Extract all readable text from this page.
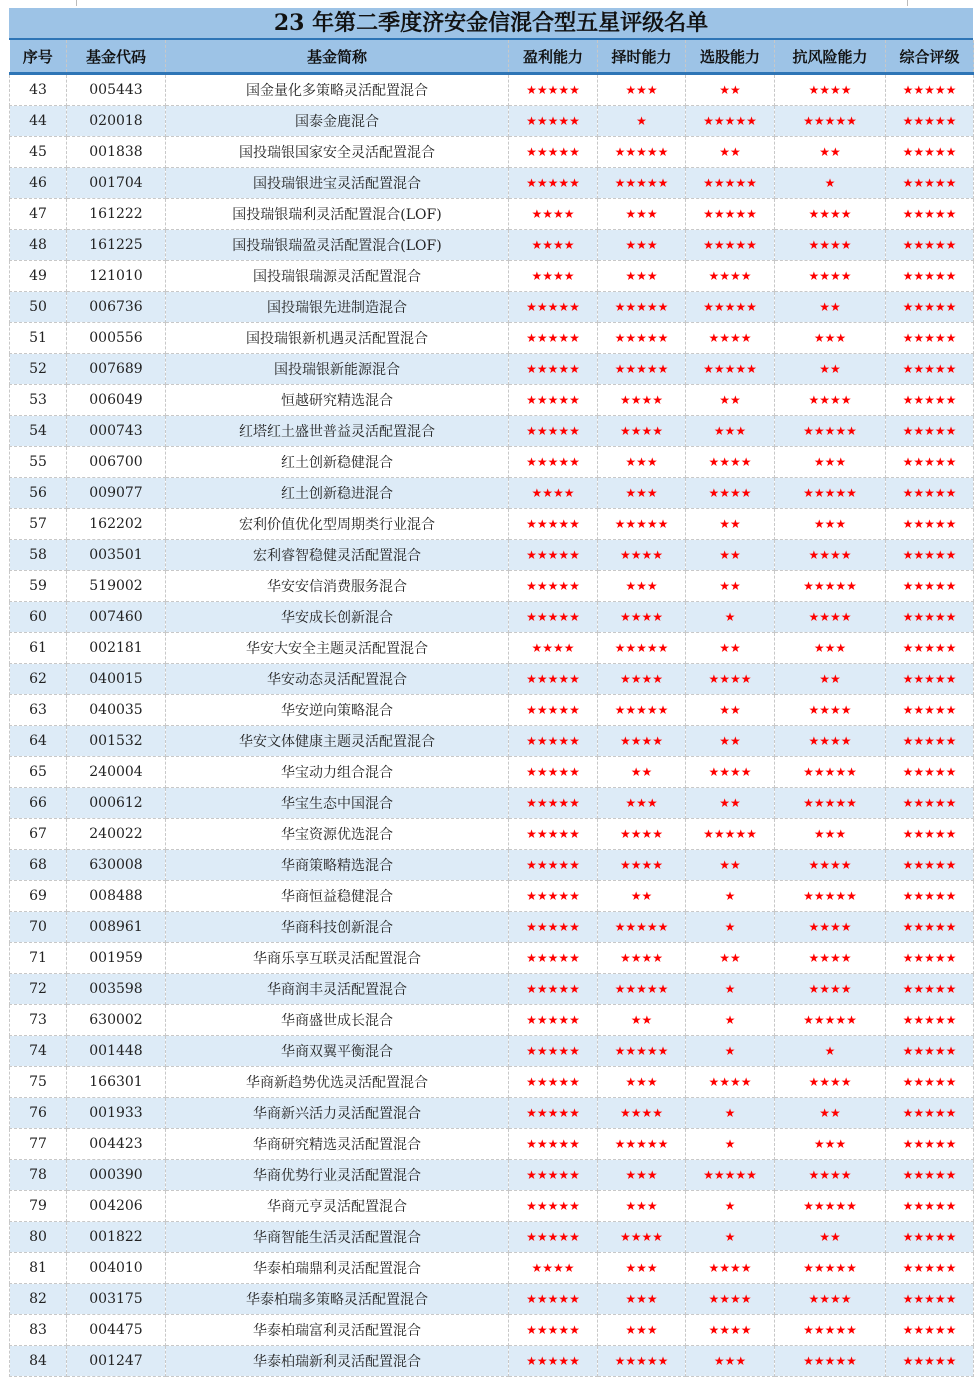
23 年第二季度济安金信混合型五星评级名单
序号	基金代码	基金简称	盈利能力	择时能力	选股能力	抗风险能力	综合评级
43	005443	国金量化多策略灵活配置混合	★★★★★	★★★	★★	★★★★	★★★★★
44	020018	国泰金鹿混合	★★★★★	★	★★★★★	★★★★★	★★★★★
45	001838	国投瑞银国家安全灵活配置混合	★★★★★	★★★★★	★★	★★	★★★★★
46	001704	国投瑞银进宝灵活配置混合	★★★★★	★★★★★	★★★★★	★	★★★★★
47	161222	国投瑞银瑞利灵活配置混合(LOF)	★★★★	★★★	★★★★★	★★★★	★★★★★
48	161225	国投瑞银瑞盈灵活配置混合(LOF)	★★★★	★★★	★★★★★	★★★★	★★★★★
49	121010	国投瑞银瑞源灵活配置混合	★★★★	★★★	★★★★	★★★★	★★★★★
50	006736	国投瑞银先进制造混合	★★★★★	★★★★★	★★★★★	★★	★★★★★
51	000556	国投瑞银新机遇灵活配置混合	★★★★★	★★★★★	★★★★	★★★	★★★★★
52	007689	国投瑞银新能源混合	★★★★★	★★★★★	★★★★★	★★	★★★★★
53	006049	恒越研究精选混合	★★★★★	★★★★	★★	★★★★	★★★★★
54	000743	红塔红土盛世普益灵活配置混合	★★★★★	★★★★	★★★	★★★★★	★★★★★
55	006700	红土创新稳健混合	★★★★★	★★★	★★★★	★★★	★★★★★
56	009077	红土创新稳进混合	★★★★	★★★	★★★★	★★★★★	★★★★★
57	162202	宏利价值优化型周期类行业混合	★★★★★	★★★★★	★★	★★★	★★★★★
58	003501	宏利睿智稳健灵活配置混合	★★★★★	★★★★	★★	★★★★	★★★★★
59	519002	华安安信消费服务混合	★★★★★	★★★	★★	★★★★★	★★★★★
60	007460	华安成长创新混合	★★★★★	★★★★	★	★★★★	★★★★★
61	002181	华安大安全主题灵活配置混合	★★★★	★★★★★	★★	★★★	★★★★★
62	040015	华安动态灵活配置混合	★★★★★	★★★★	★★★★	★★	★★★★★
63	040035	华安逆向策略混合	★★★★★	★★★★★	★★	★★★★	★★★★★
64	001532	华安文体健康主题灵活配置混合	★★★★★	★★★★	★★	★★★★	★★★★★
65	240004	华宝动力组合混合	★★★★★	★★	★★★★	★★★★★	★★★★★
66	000612	华宝生态中国混合	★★★★★	★★★	★★	★★★★★	★★★★★
67	240022	华宝资源优选混合	★★★★★	★★★★	★★★★★	★★★	★★★★★
68	630008	华商策略精选混合	★★★★★	★★★★	★★	★★★★	★★★★★
69	008488	华商恒益稳健混合	★★★★★	★★	★	★★★★★	★★★★★
70	008961	华商科技创新混合	★★★★★	★★★★★	★	★★★★	★★★★★
71	001959	华商乐享互联灵活配置混合	★★★★★	★★★★	★★	★★★★	★★★★★
72	003598	华商润丰灵活配置混合	★★★★★	★★★★★	★	★★★★	★★★★★
73	630002	华商盛世成长混合	★★★★★	★★	★	★★★★★	★★★★★
74	001448	华商双翼平衡混合	★★★★★	★★★★★	★	★	★★★★★
75	166301	华商新趋势优选灵活配置混合	★★★★★	★★★	★★★★	★★★★	★★★★★
76	001933	华商新兴活力灵活配置混合	★★★★★	★★★★	★	★★	★★★★★
77	004423	华商研究精选灵活配置混合	★★★★★	★★★★★	★	★★★	★★★★★
78	000390	华商优势行业灵活配置混合	★★★★★	★★★	★★★★★	★★★★	★★★★★
79	004206	华商元亨灵活配置混合	★★★★★	★★★	★	★★★★★	★★★★★
80	001822	华商智能生活灵活配置混合	★★★★★	★★★★	★	★★	★★★★★
81	004010	华泰柏瑞鼎利灵活配置混合	★★★★	★★★	★★★★	★★★★★	★★★★★
82	003175	华泰柏瑞多策略灵活配置混合	★★★★★	★★★	★★★★	★★★★	★★★★★
83	004475	华泰柏瑞富利灵活配置混合	★★★★★	★★★	★★★★	★★★★★	★★★★★
84	001247	华泰柏瑞新利灵活配置混合	★★★★★	★★★★★	★★★	★★★★★	★★★★★
